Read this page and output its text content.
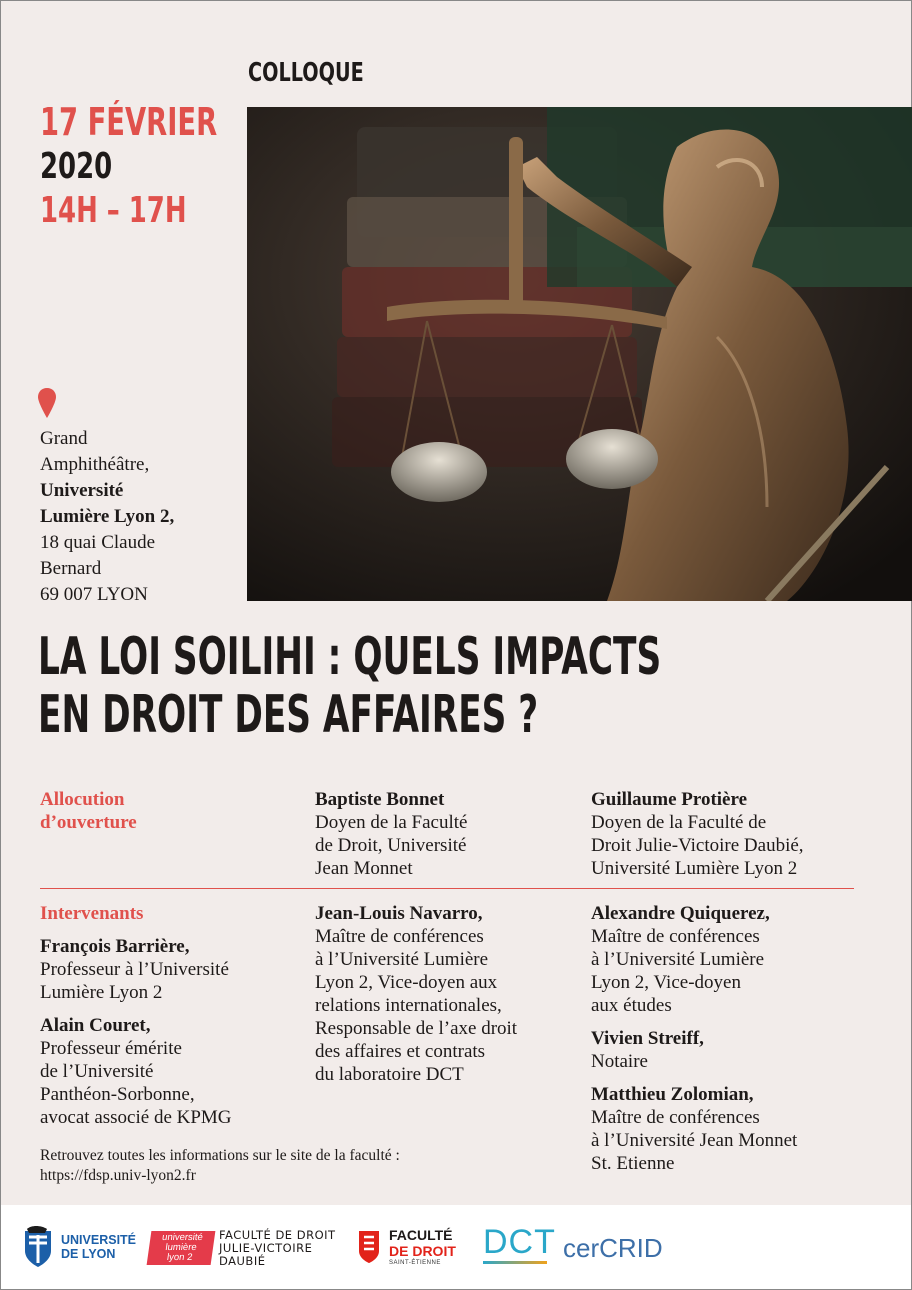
COLLOQUE
17 FÉVRIER
2020
14H – 17H
Grand
Amphithéâtre,
Université
Lumière Lyon 2,
18 quai Claude
Bernard
69 007 LYON
LA LOI SOILIHI : QUELS IMPACTS
EN DROIT DES AFFAIRES ?
Allocution
d’ouverture
Baptiste Bonnet
Doyen de la Faculté
de Droit, Université
Jean Monnet
Guillaume Protière
Doyen de la Faculté de
Droit Julie-Victoire Daubié,
Université Lumière Lyon 2
Intervenants
François Barrière,
Professeur à l’Université
Lumière Lyon 2
Alain Couret,
Professeur émérite
de l’Université
Panthéon-Sorbonne,
avocat associé de KPMG
Jean-Louis Navarro,
Maître de conférences
à l’Université Lumière
Lyon 2, Vice-doyen aux
relations internationales,
Responsable de l’axe droit
des affaires et contrats
du laboratoire DCT
Alexandre Quiquerez,
Maître de conférences
à l’Université Lumière
Lyon 2, Vice-doyen
aux études
Vivien Streiff,
Notaire
Matthieu Zolomian,
Maître de conférences
à l’Université Jean Monnet
St. Etienne
Retrouvez toutes les informations sur le site de la faculté :
https://fdsp.univ-lyon2.fr
UNIVERSITÉ
DE LYON
université
lumière
lyon 2
FACULTÉ DE DROIT
JULIE-VICTOIRE
DAUBIÉ
FACULTÉ
DE DROIT
SAINT-ÉTIENNE
DCT cerCRID
